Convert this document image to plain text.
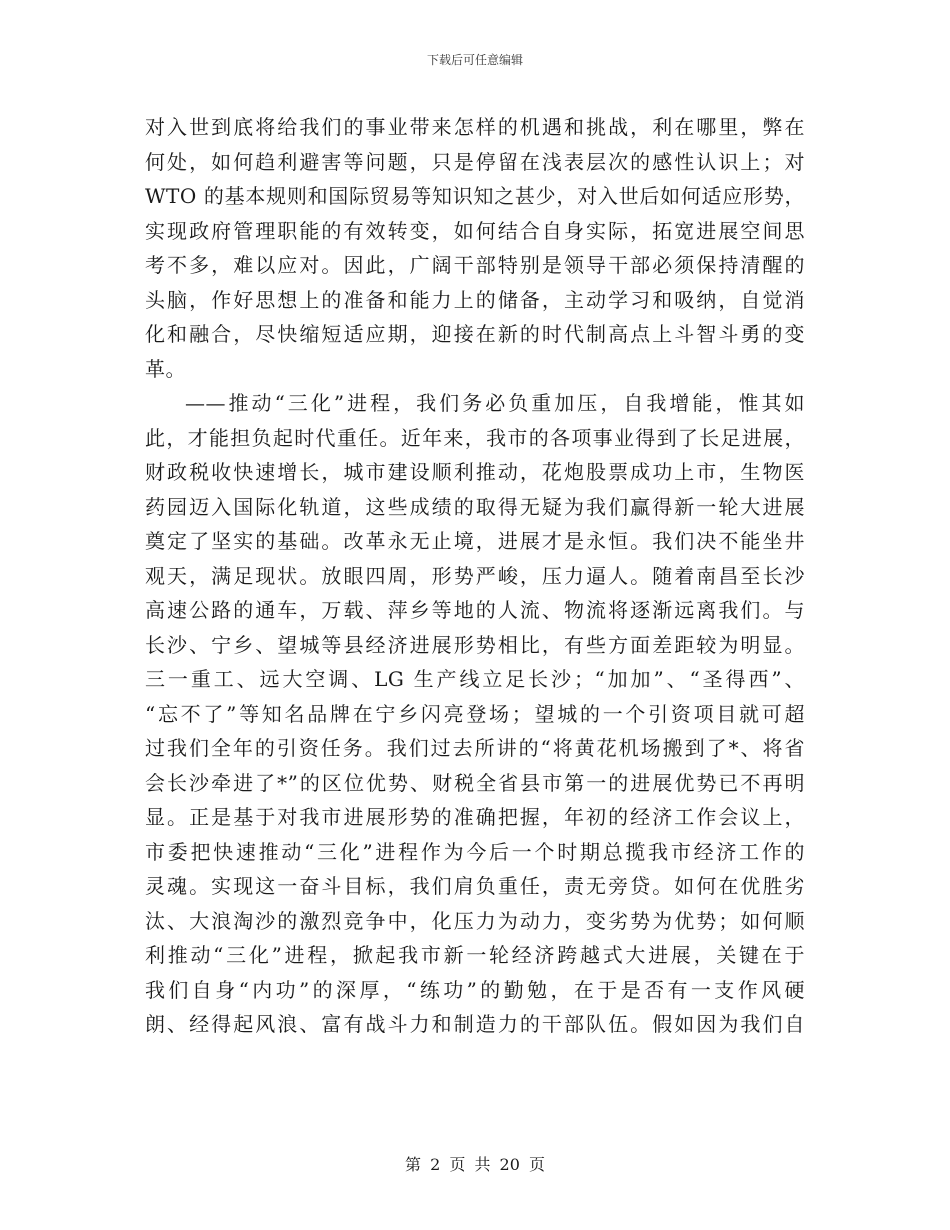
下载后可任意编辑
对入世到底将给我们的事业带来怎样的机遇和挑战，利在哪里，弊在
何处，如何趋利避害等问题，只是停留在浅表层次的感性认识上；对
WTO 的基本规则和国际贸易等知识知之甚少，对入世后如何适应形势，
实现政府管理职能的有效转变，如何结合自身实际，拓宽进展空间思
考不多，难以应对。因此，广阔干部特别是领导干部必须保持清醒的
头脑，作好思想上的准备和能力上的储备，主动学习和吸纳，自觉消
化和融合，尽快缩短适应期，迎接在新的时代制高点上斗智斗勇的变
革。
——推动“三化”进程，我们务必负重加压，自我增能，惟其如
此，才能担负起时代重任。近年来，我市的各项事业得到了长足进展，
财政税收快速增长，城市建设顺利推动，花炮股票成功上市，生物医
药园迈入国际化轨道，这些成绩的取得无疑为我们赢得新一轮大进展
奠定了坚实的基础。改革永无止境，进展才是永恒。我们决不能坐井
观天，满足现状。放眼四周，形势严峻，压力逼人。随着南昌至长沙
高速公路的通车，万载、萍乡等地的人流、物流将逐渐远离我们。与
长沙、宁乡、望城等县经济进展形势相比，有些方面差距较为明显。
三一重工、远大空调、LG 生产线立足长沙；“加加”、“圣得西”、
“忘不了”等知名品牌在宁乡闪亮登场；望城的一个引资项目就可超
过我们全年的引资任务。我们过去所讲的“将黄花机场搬到了*、将省
会长沙牵进了*”的区位优势、财税全省县市第一的进展优势已不再明
显。正是基于对我市进展形势的准确把握，年初的经济工作会议上，
市委把快速推动“三化”进程作为今后一个时期总揽我市经济工作的
灵魂。实现这一奋斗目标，我们肩负重任，责无旁贷。如何在优胜劣
汰、大浪淘沙的激烈竞争中，化压力为动力，变劣势为优势；如何顺
利推动“三化”进程，掀起我市新一轮经济跨越式大进展，关键在于
我们自身“内功”的深厚，“练功”的勤勉，在于是否有一支作风硬
朗、经得起风浪、富有战斗力和制造力的干部队伍。假如因为我们自
第 2 页 共 20 页
